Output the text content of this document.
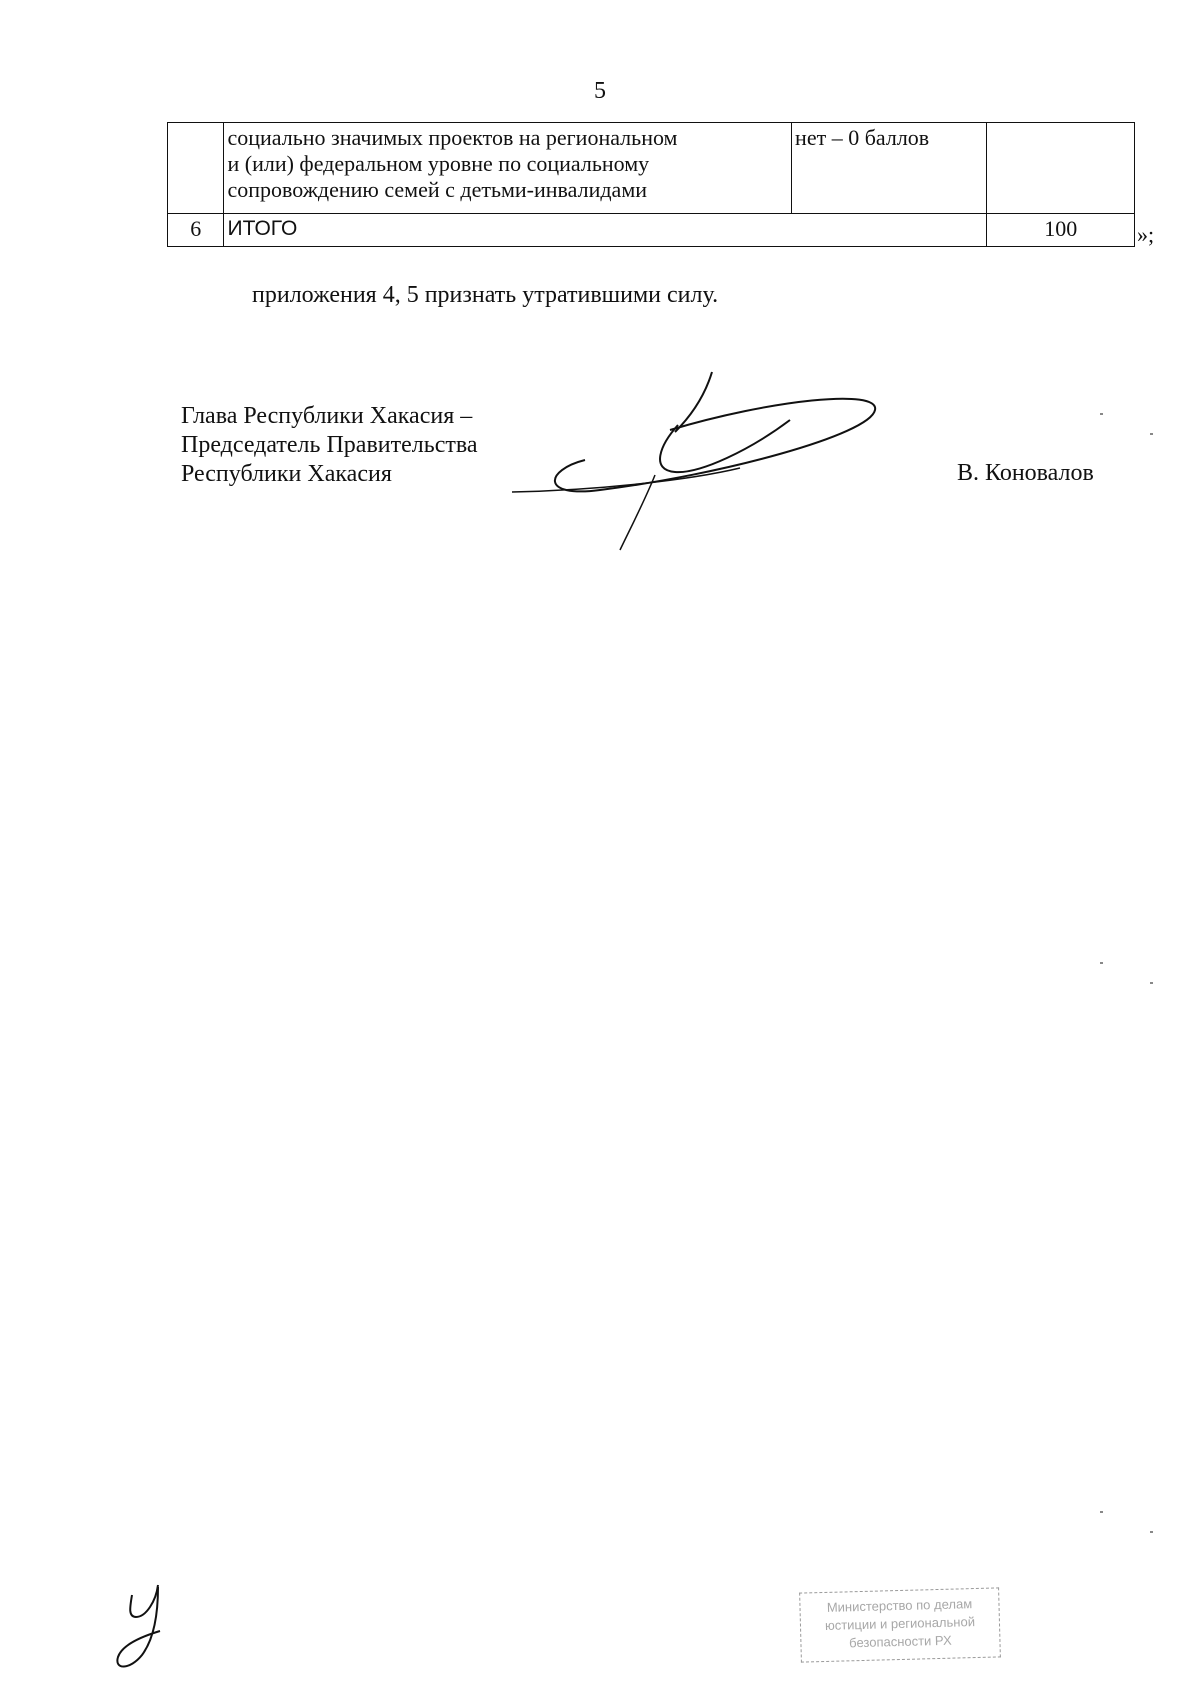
5

	социально значимых проектов на региональном
и (или) федеральном уровне по социальному
сопровождению семей с детьми-инвалидами	нет – 0 баллов	
6	ИТОГО		100	»;
приложения 4, 5 признать утратившими силу.
Глава Республики Хакасия –
Председатель Правительства
Республики Хакасия	В. Коновалов
Министерство по делам
юстиции и региональной
безопасности РХ
